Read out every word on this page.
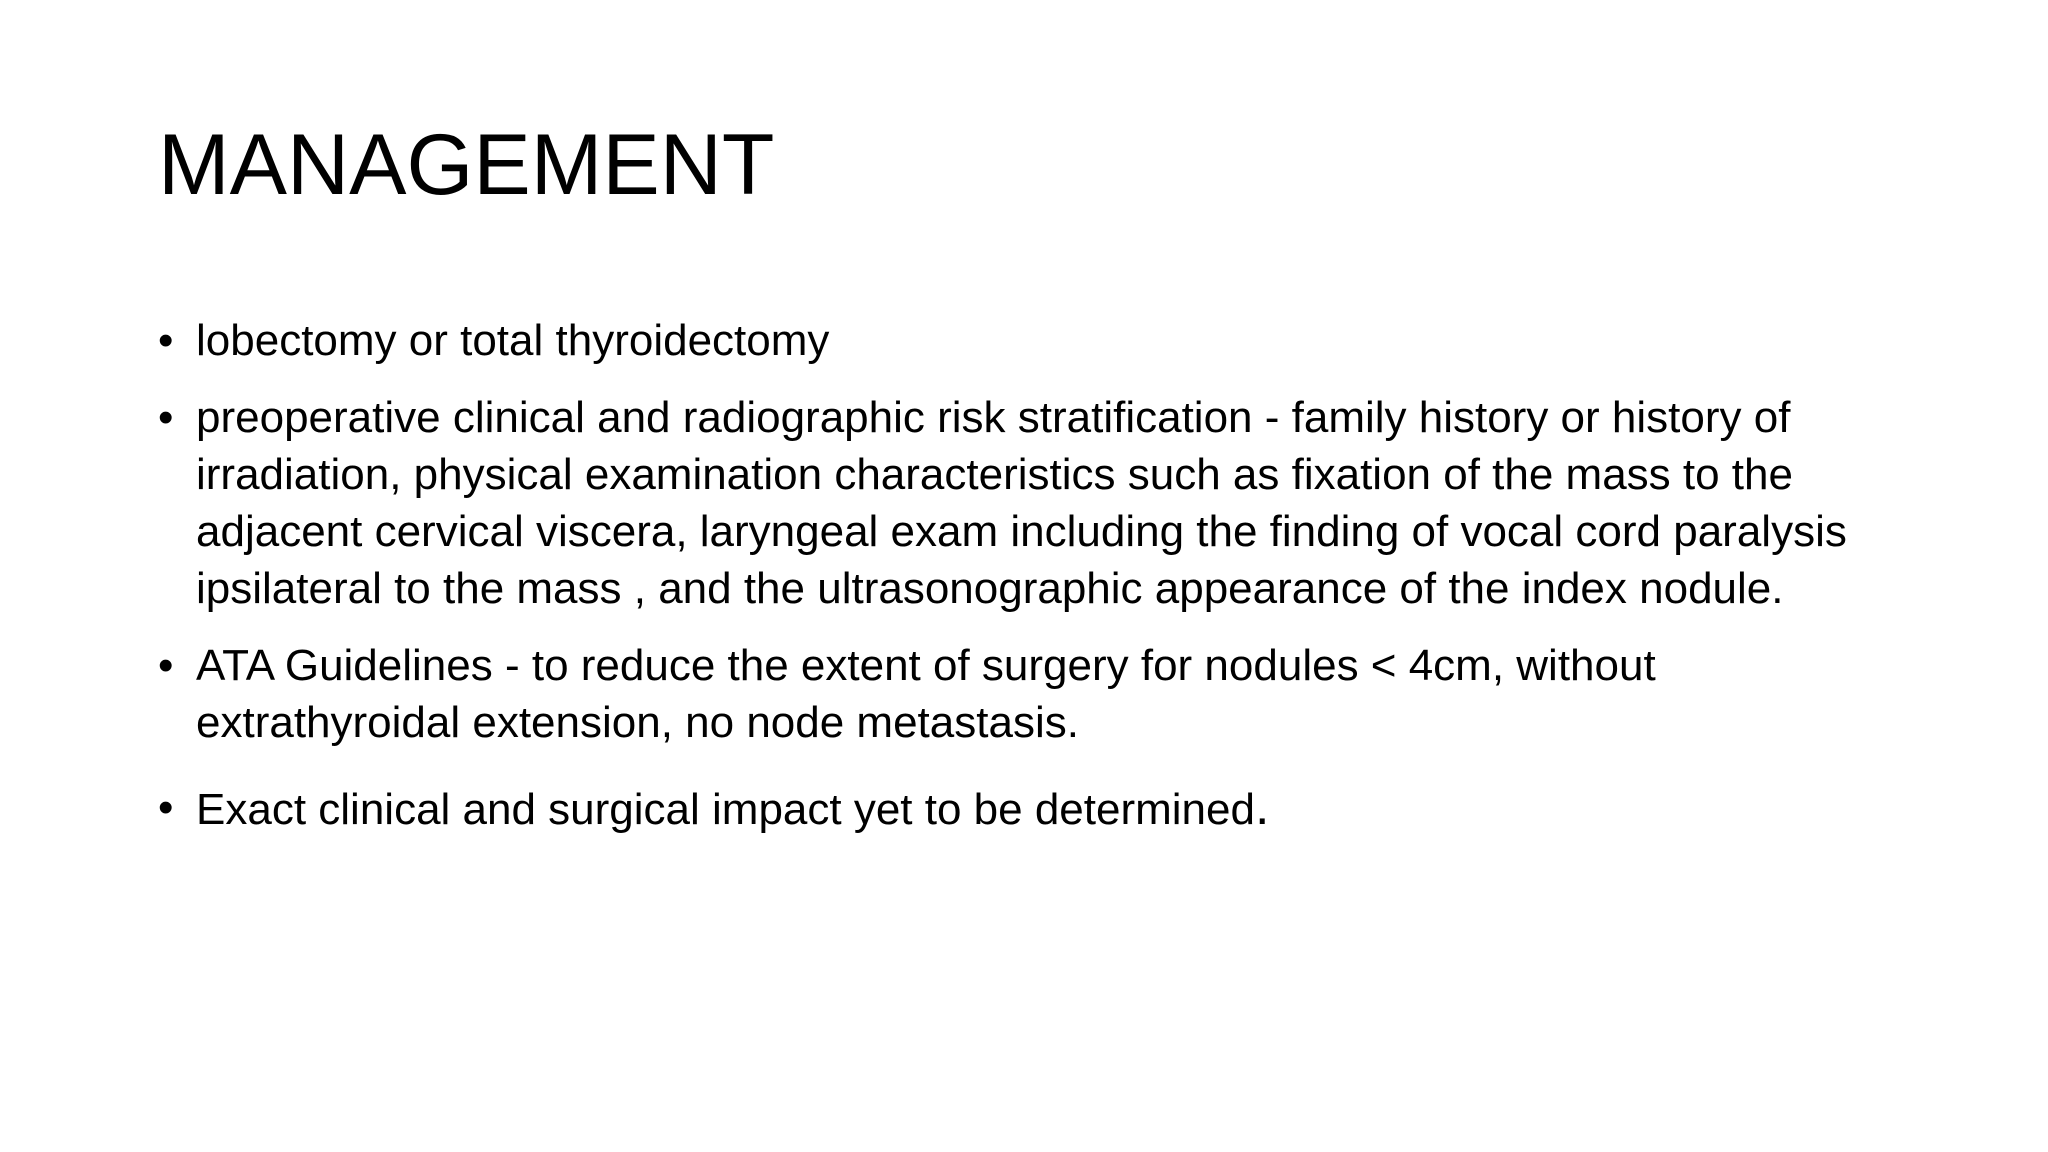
MANAGEMENT
• lobectomy or total thyroidectomy
• preoperative clinical and radiographic risk stratification - family history or history of irradiation, physical examination characteristics such as fixation of the mass to the adjacent cervical viscera, laryngeal exam including the finding of vocal cord paralysis ipsilateral to the mass , and the ultrasonographic appearance of the index nodule.
• ATA Guidelines - to reduce the extent of surgery for nodules < 4cm, without extrathyroidal extension, no node metastasis.
• Exact clinical and surgical impact yet to be determined.
